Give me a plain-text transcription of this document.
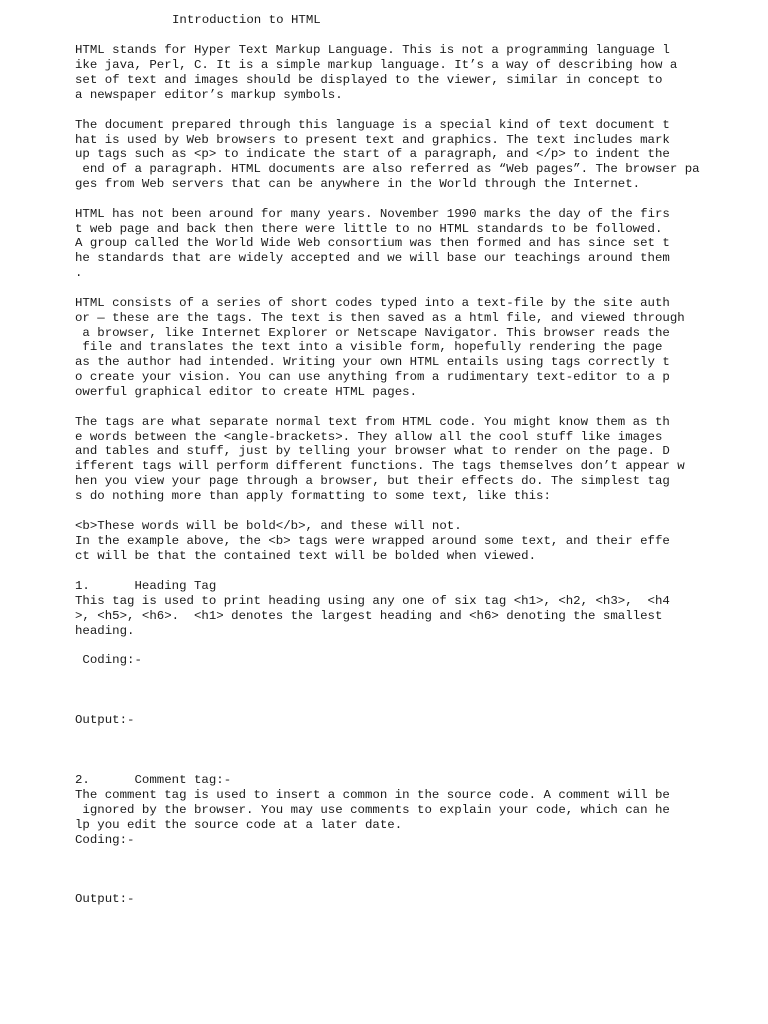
Introduction to HTML
HTML stands for Hyper Text Markup Language. This is not a programming language l
ike java, Perl, C. It is a simple markup language. It’s a way of describing how a
set of text and images should be displayed to the viewer, similar in concept to
a newspaper editor’s markup symbols.
The document prepared through this language is a special kind of text document t
hat is used by Web browsers to present text and graphics. The text includes mark
up tags such as <p> to indicate the start of a paragraph, and </p> to indent the
end of a paragraph. HTML documents are also referred as “Web pages”. The browser pa
ges from Web servers that can be anywhere in the World through the Internet.
HTML has not been around for many years. November 1990 marks the day of the firs
t web page and back then there were little to no HTML standards to be followed.
A group called the World Wide Web consortium was then formed and has since set t
he standards that are widely accepted and we will base our teachings around them
.
HTML consists of a series of short codes typed into a text-file by the site auth
or — these are the tags. The text is then saved as a html file, and viewed through
a browser, like Internet Explorer or Netscape Navigator. This browser reads the
file and translates the text into a visible form, hopefully rendering the page
as the author had intended. Writing your own HTML entails using tags correctly t
o create your vision. You can use anything from a rudimentary text-editor to a p
owerful graphical editor to create HTML pages.
The tags are what separate normal text from HTML code. You might know them as th
e words between the <angle-brackets>. They allow all the cool stuff like images
and tables and stuff, just by telling your browser what to render on the page. D
ifferent tags will perform different functions. The tags themselves don’t appear w
hen you view your page through a browser, but their effects do. The simplest tag
s do nothing more than apply formatting to some text, like this:
<b>These words will be bold</b>, and these will not.
In the example above, the <b> tags were wrapped around some text, and their effe
ct will be that the contained text will be bolded when viewed.
1.      Heading Tag
This tag is used to print heading using any one of six tag <h1>, <h2, <h3>,  <h4
>, <h5>, <h6>.  <h1> denotes the largest heading and <h6> denoting the smallest
heading.
Coding:-
Output:-
2.      Comment tag:-
The comment tag is used to insert a common in the source code. A comment will be
ignored by the browser. You may use comments to explain your code, which can he
lp you edit the source code at a later date.
Coding:-
Output:-
